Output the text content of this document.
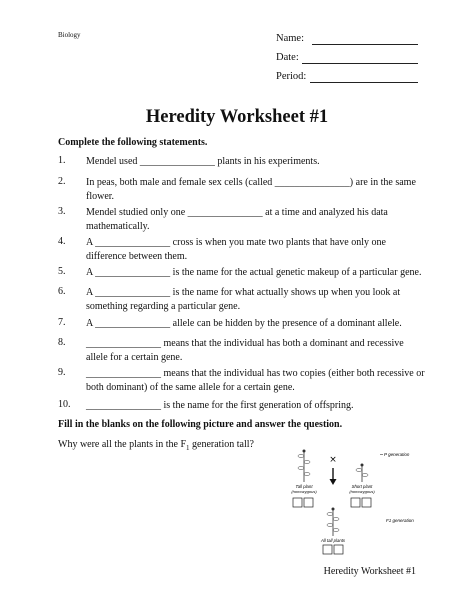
Biology	Name:
Date:
Period:
Heredity Worksheet #1
Complete the following statements.
1. Mendel used _______________ plants in his experiments.
2. In peas, both male and female sex cells (called _______________) are in the same flower.
3. Mendel studied only one _______________ at a time and analyzed his data mathematically.
4. A _______________ cross is when you mate two plants that have only one difference between them.
5. A _______________ is the name for the actual genetic makeup of a particular gene.
6. A _______________ is the name for what actually shows up when you look at something regarding a particular gene.
7. A _______________ allele can be hidden by the presence of a dominant allele.
8. _______________ means that the individual has both a dominant and recessive allele for a certain gene.
9. _______________ means that the individual has two copies (either both recessive or both dominant) of the same allele for a certain gene.
10. _______________ is the name for the first generation of offspring.
Fill in the blanks on the following picture and answer the question.
Why were all the plants in the $F_1$ generation tall?
P generation
Tall plant
(homozygous)
×
Short plant
(homozygous)
F1 generation
All tall plants
Heredity Worksheet #1
